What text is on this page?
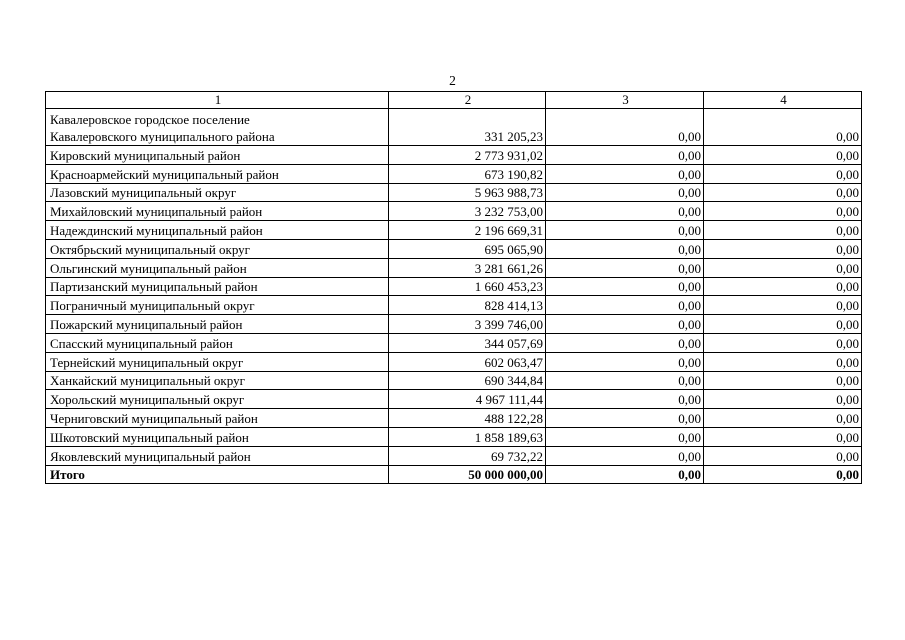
2
1	2	3	4
Кавалеровское городское поселение
Кавалеровского муниципального района	331 205,23	0,00	0,00
Кировский муниципальный район	2 773 931,02	0,00	0,00
Красноармейский муниципальный район	673 190,82	0,00	0,00
Лазовский муниципальный округ	5 963 988,73	0,00	0,00
Михайловский муниципальный район	3 232 753,00	0,00	0,00
Надеждинский муниципальный район	2 196 669,31	0,00	0,00
Октябрьский муниципальный округ	695 065,90	0,00	0,00
Ольгинский муниципальный район	3 281 661,26	0,00	0,00
Партизанский муниципальный район	1 660 453,23	0,00	0,00
Пограничный муниципальный округ	828 414,13	0,00	0,00
Пожарский муниципальный район	3 399 746,00	0,00	0,00
Спасский муниципальный район	344 057,69	0,00	0,00
Тернейский муниципальный округ	602 063,47	0,00	0,00
Ханкайский муниципальный округ	690 344,84	0,00	0,00
Хорольский муниципальный округ	4 967 111,44	0,00	0,00
Черниговский муниципальный район	488 122,28	0,00	0,00
Шкотовский муниципальный район	1 858 189,63	0,00	0,00
Яковлевский муниципальный район	69 732,22	0,00	0,00
Итого	50 000 000,00	0,00	0,00
